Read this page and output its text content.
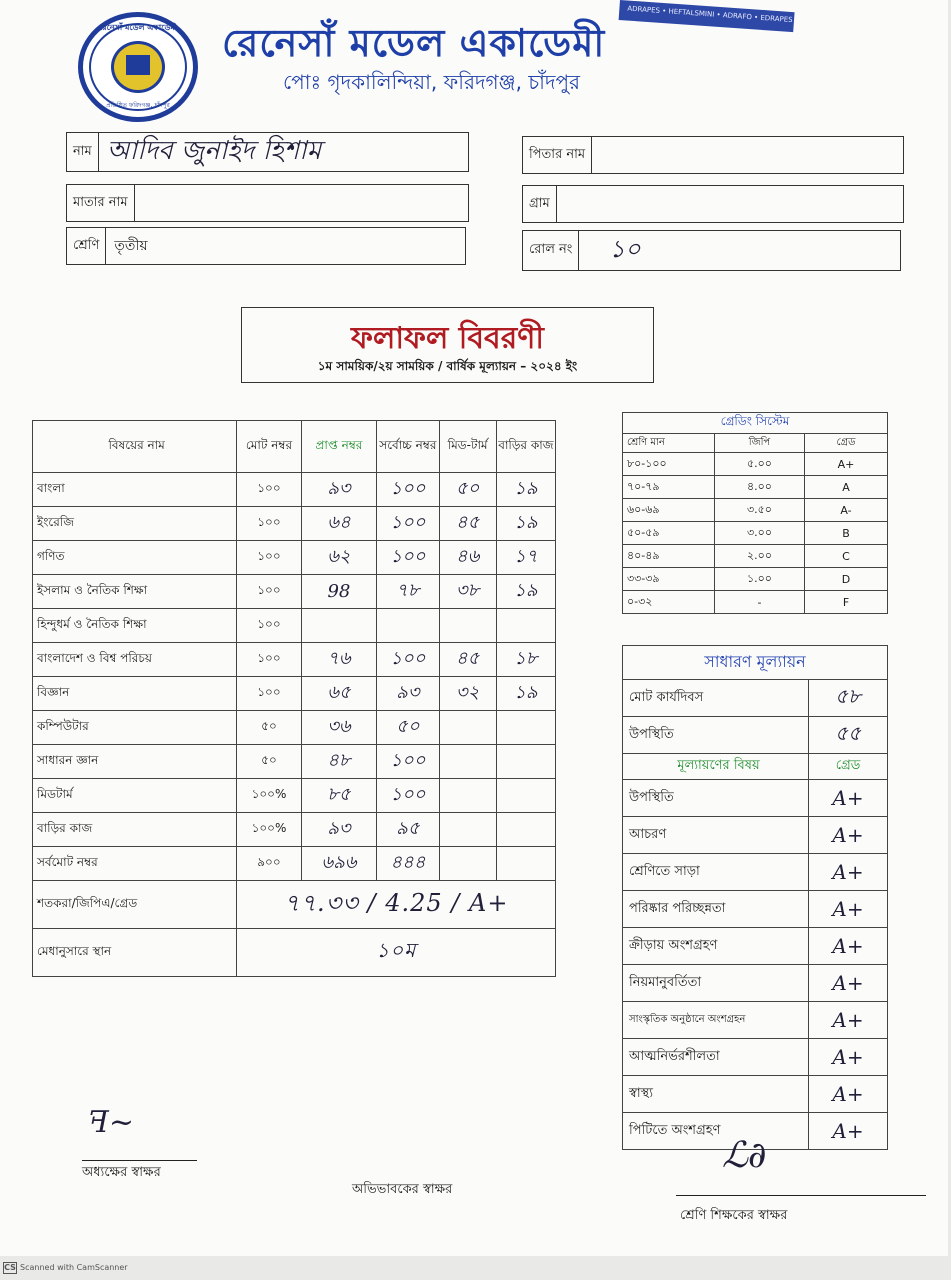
ADRAPES • HEFTALSMINI • ADRAFO • EDRAPES
রেনেসাঁ মডেল একাডেমী
প্রতিষ্ঠিত ফরিদগঞ্জ, চাঁদপুর
রেনেসাঁ মডেল একাডেমী
পোঃ গৃদকালিন্দিয়া, ফরিদগঞ্জ, চাঁদপুর
নাম আদিব জুনাইদ হিশাম	পিতার নাম
মাতার নাম	গ্রাম
শ্রেণি	তৃতীয়	রোল নং	১০
ফলাফল বিবরণী
১ম সাময়িক/২য় সাময়িক / বার্ষিক মূল্যায়ন – ২০২৪ ইং
বিষয়ের নাম	মোট নম্বর	প্রাপ্ত নম্বর	সর্বোচ্চ নম্বর	মিড-টার্ম	বাড়ির কাজ
বাংলা	১০০	৯৩	১০০	৫০	১৯
ইংরেজি	১০০	৬৪	১০০	৪৫	১৯
গণিত	১০০	৬২	১০০	৪৬	১৭
ইসলাম ও নৈতিক শিক্ষা	১০০	98	৭৮	৩৮	১৯
হিন্দুধর্ম ও নৈতিক শিক্ষা	১০০				
বাংলাদেশ ও বিশ্ব পরিচয়	১০০	৭৬	১০০	৪৫	১৮
বিজ্ঞান	১০০	৬৫	৯৩	৩২	১৯
কম্পিউটার	৫০	৩৬	৫০		
সাধারন জ্ঞান	৫০	৪৮	১০০		
মিডটার্ম	১০০%	৮৫	১০০		
বাড়ির কাজ	১০০%	৯৩	৯৫		
সর্বমোট নম্বর	৯০০	৬৯৬	৪৪৪		
শতকরা/জিপিএ/গ্রেড	৭৭.৩৩ / 4.25 / A+				
মেধানুসারে স্থান	১০ম				
গ্রেডিং সিস্টেম		
শ্রেণি মান	জিপি	গ্রেড
৮০-১০০	৫.০০	A+
৭০-৭৯	৪.০০	A
৬০-৬৯	৩.৫০	A-
৫০-৫৯	৩.০০	B
৪০-৪৯	২.০০	C
৩৩-৩৯	১.০০	D
০-৩২	-	F
সাধারণ মূল্যায়ন	
মোট কার্যদিবস	৫৮
উপস্থিতি	৫৫
মূল্যায়ণের বিষয়	গ্রেড
উপস্থিতি	A+
আচরণ	A+
শ্রেণিতে সাড়া	A+
পরিষ্কার পরিচ্ছন্নতা	A+
ক্রীড়ায় অংশগ্রহণ	A+
নিয়মানুবর্তিতা	A+
সাংস্কৃতিক অনুষ্ঠানে অংশগ্রহন	A+
আত্মনির্ভরশীলতা	A+
স্বাস্থ্য	A+
পিটিতে অংশগ্রহণ	A+
ꟻ~
অধ্যক্ষের স্বাক্ষর
অভিভাবকের স্বাক্ষর
ℒ∂
শ্রেণি শিক্ষকের স্বাক্ষর
CS Scanned with CamScanner
